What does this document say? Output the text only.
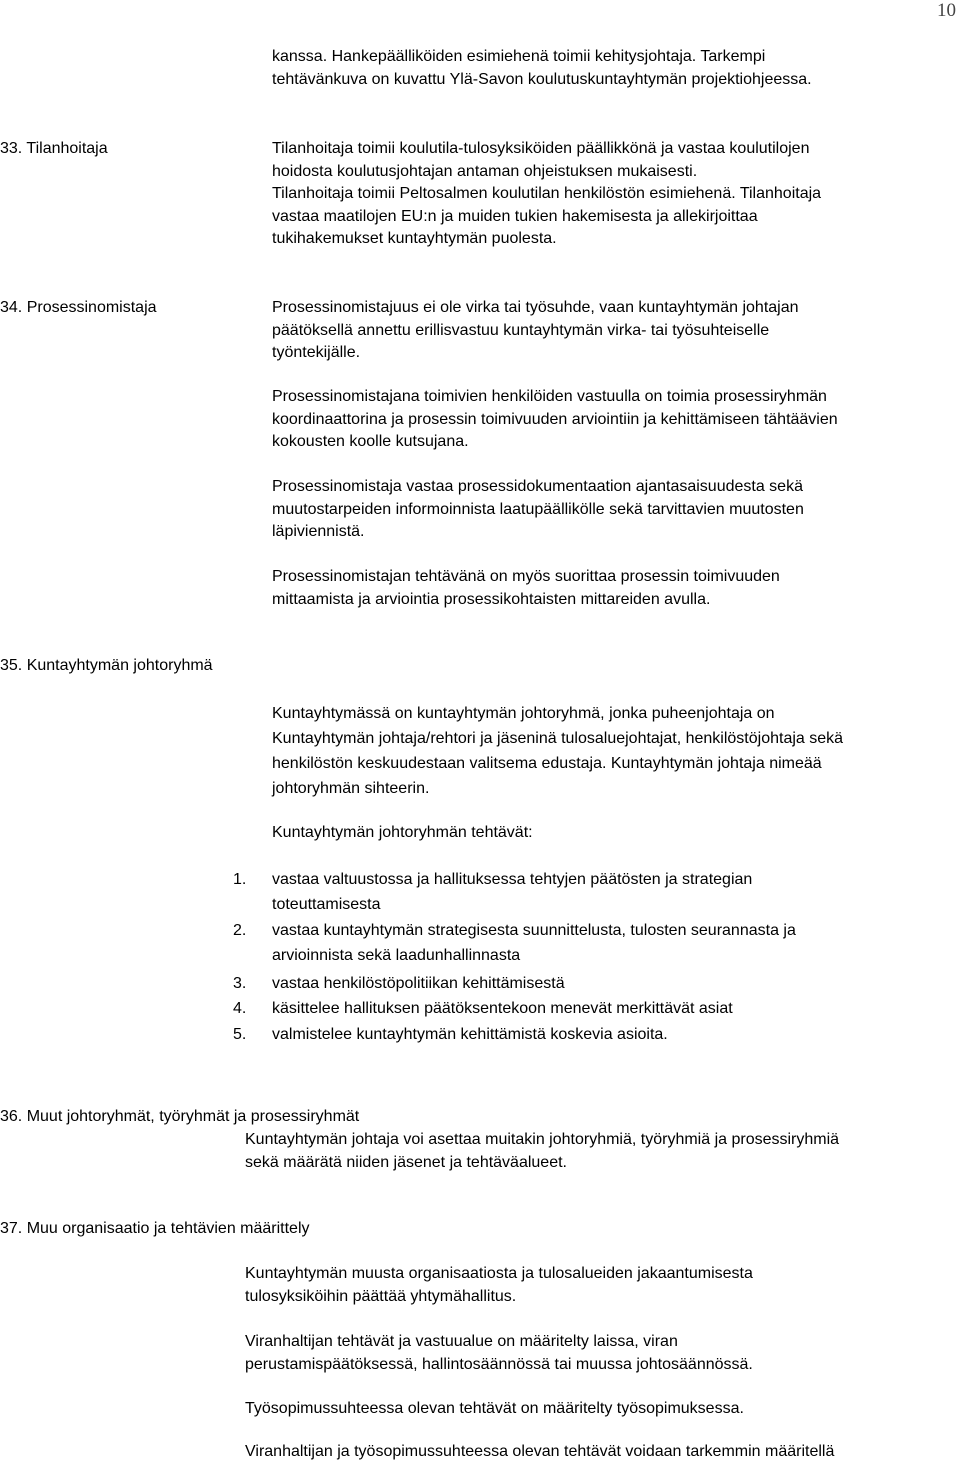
10
kanssa. Hankepäälliköiden esimiehenä toimii kehitysjohtaja. Tarkempi
tehtävänkuva on kuvattu Ylä-Savon koulutuskuntayhtymän projektiohjeessa.
33. Tilanhoitaja	Tilanhoitaja toimii koulutila-tulosyksiköiden päällikkönä ja vastaa koulutilojen
hoidosta koulutusjohtajan antaman ohjeistuksen mukaisesti.
Tilanhoitaja toimii Peltosalmen koulutilan henkilöstön esimiehenä. Tilanhoitaja
vastaa maatilojen EU:n ja muiden tukien hakemisesta ja allekirjoittaa
tukihakemukset kuntayhtymän puolesta.
34. Prosessinomistaja	Prosessinomistajuus ei ole virka tai työsuhde, vaan kuntayhtymän johtajan
päätöksellä annettu erillisvastuu kuntayhtymän virka- tai työsuhteiselle
työntekijälle.
Prosessinomistajana toimivien henkilöiden vastuulla on toimia prosessiryhmän
koordinaattorina ja prosessin toimivuuden arviointiin ja kehittämiseen tähtäävien
kokousten koolle kutsujana.
Prosessinomistaja vastaa prosessidokumentaation ajantasaisuudesta sekä
muutostarpeiden informoinnista laatupäällikölle sekä tarvittavien muutosten
läpiviennistä.
Prosessinomistajan tehtävänä on myös suorittaa prosessin toimivuuden
mittaamista ja arviointia prosessikohtaisten mittareiden avulla.
35. Kuntayhtymän johtoryhmä
Kuntayhtymässä on kuntayhtymän johtoryhmä, jonka puheenjohtaja on
Kuntayhtymän johtaja/rehtori ja jäseninä tulosaluejohtajat, henkilöstöjohtaja sekä
henkilöstön keskuudestaan valitsema edustaja. Kuntayhtymän johtaja nimeää
johtoryhmän sihteerin.
Kuntayhtymän johtoryhmän tehtävät:
1.	vastaa valtuustossa ja hallituksessa tehtyjen päätösten ja strategian
toteuttamisesta
2.	vastaa kuntayhtymän strategisesta suunnittelusta, tulosten seurannasta ja
arvioinnista sekä laadunhallinnasta
3.	vastaa henkilöstöpolitiikan kehittämisestä
4.	käsittelee hallituksen päätöksentekoon menevät merkittävät asiat
5.	valmistelee kuntayhtymän kehittämistä koskevia asioita.
36. Muut johtoryhmät, työryhmät ja prosessiryhmät
Kuntayhtymän johtaja voi asettaa muitakin johtoryhmiä, työryhmiä ja prosessiryhmiä
sekä määrätä niiden jäsenet ja tehtäväalueet.
37. Muu organisaatio ja tehtävien määrittely
Kuntayhtymän muusta organisaatiosta ja tulosalueiden jakaantumisesta
tulosyksiköihin päättää yhtymähallitus.
Viranhaltijan tehtävät ja vastuualue on määritelty laissa, viran
perustamispäätöksessä, hallintosäännössä tai muussa johtosäännössä.
Työsopimussuhteessa olevan tehtävät on määritelty työsopimuksessa.
Viranhaltijan ja työsopimussuhteessa olevan tehtävät voidaan tarkemmin määritellä
